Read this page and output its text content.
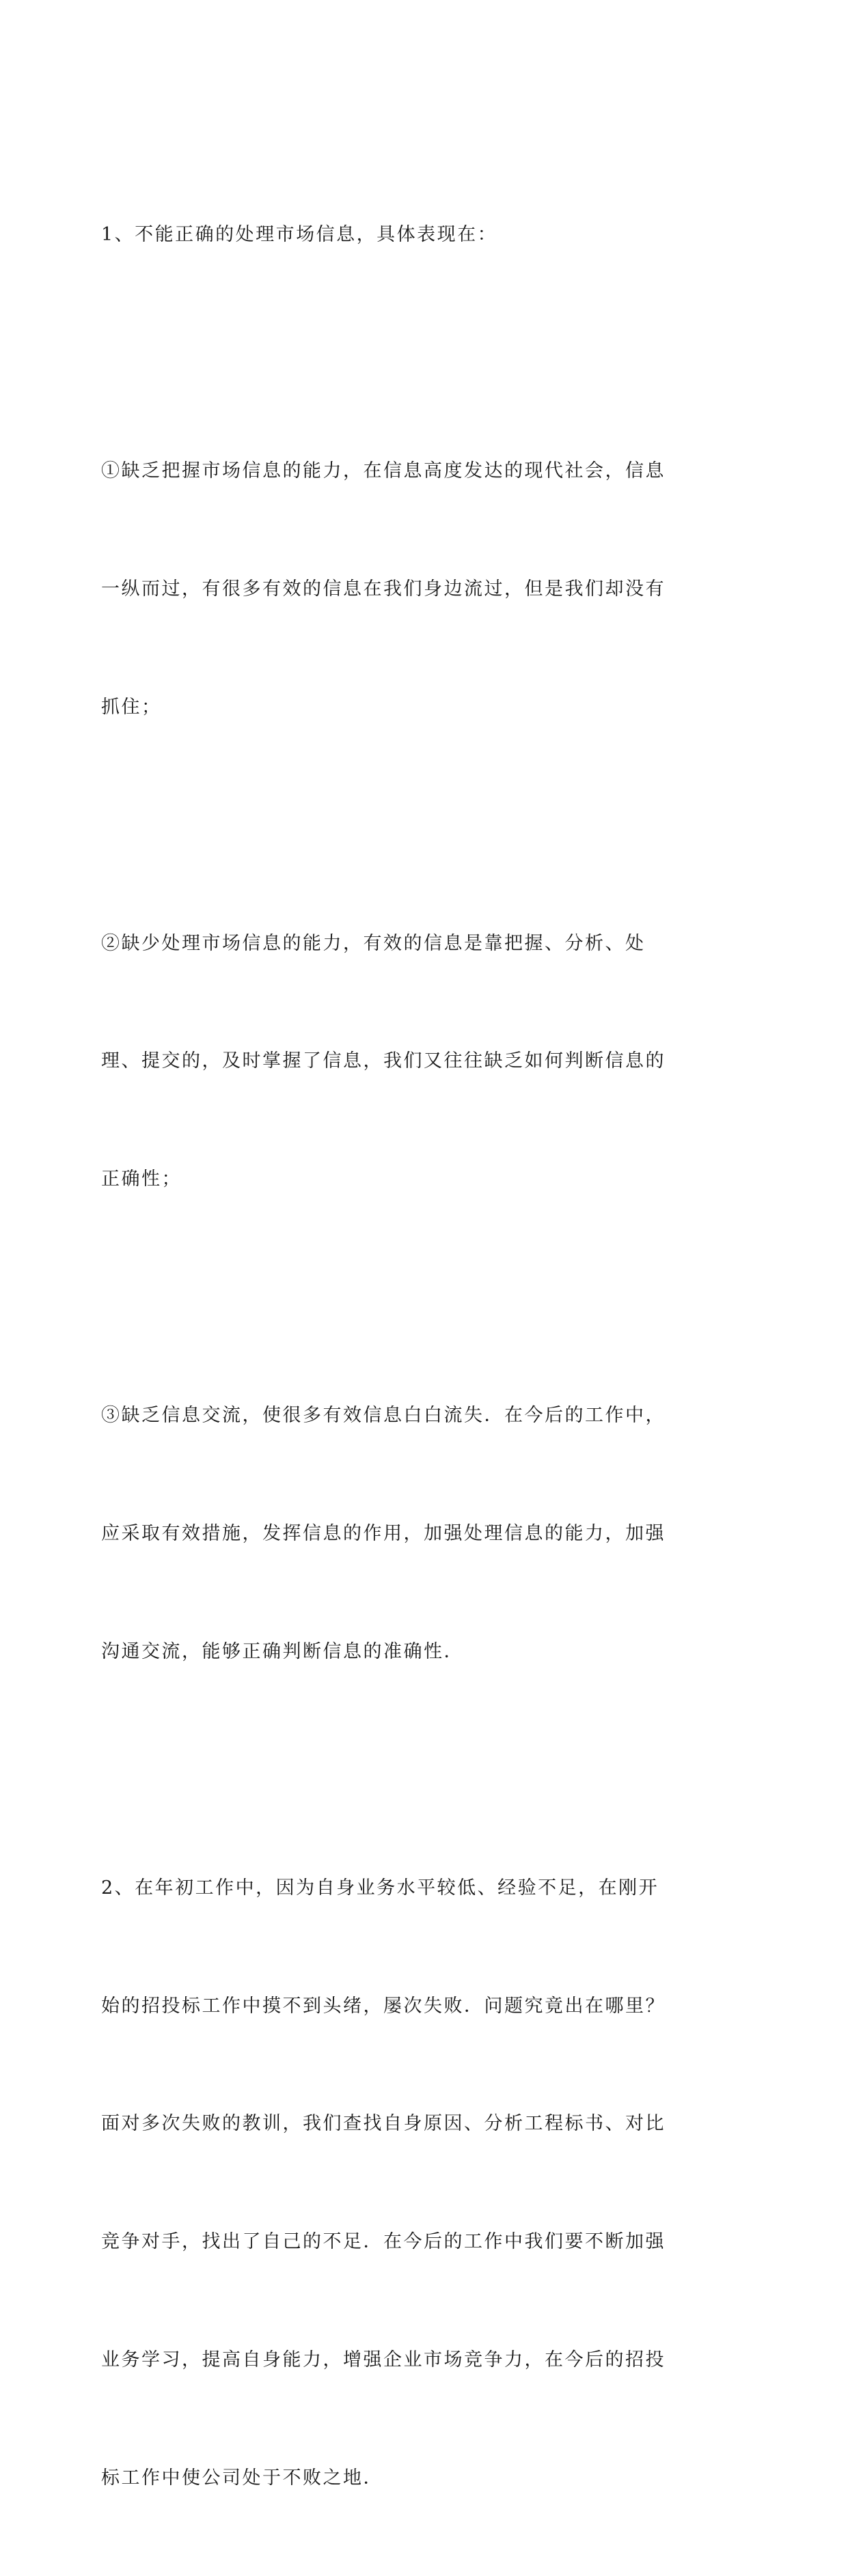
1、不能正确的处理市场信息，具体表现在：

①缺乏把握市场信息的能力，在信息高度发达的现代社会，信息

一纵而过，有很多有效的信息在我们身边流过，但是我们却没有

抓住；

②缺少处理市场信息的能力，有效的信息是靠把握、分析、处

理、提交的，及时掌握了信息，我们又往往缺乏如何判断信息的

正确性；

③缺乏信息交流，使很多有效信息白白流失．在今后的工作中，

应采取有效措施，发挥信息的作用，加强处理信息的能力，加强

沟通交流，能够正确判断信息的准确性．

2、在年初工作中，因为自身业务水平较低、经验不足，在刚开

始的招投标工作中摸不到头绪，屡次失败．问题究竟出在哪里？

面对多次失败的教训，我们查找自身原因、分析工程标书、对比

竞争对手，找出了自己的不足．在今后的工作中我们要不断加强

业务学习，提高自身能力，增强企业市场竞争力，在今后的招投

标工作中使公司处于不败之地．
